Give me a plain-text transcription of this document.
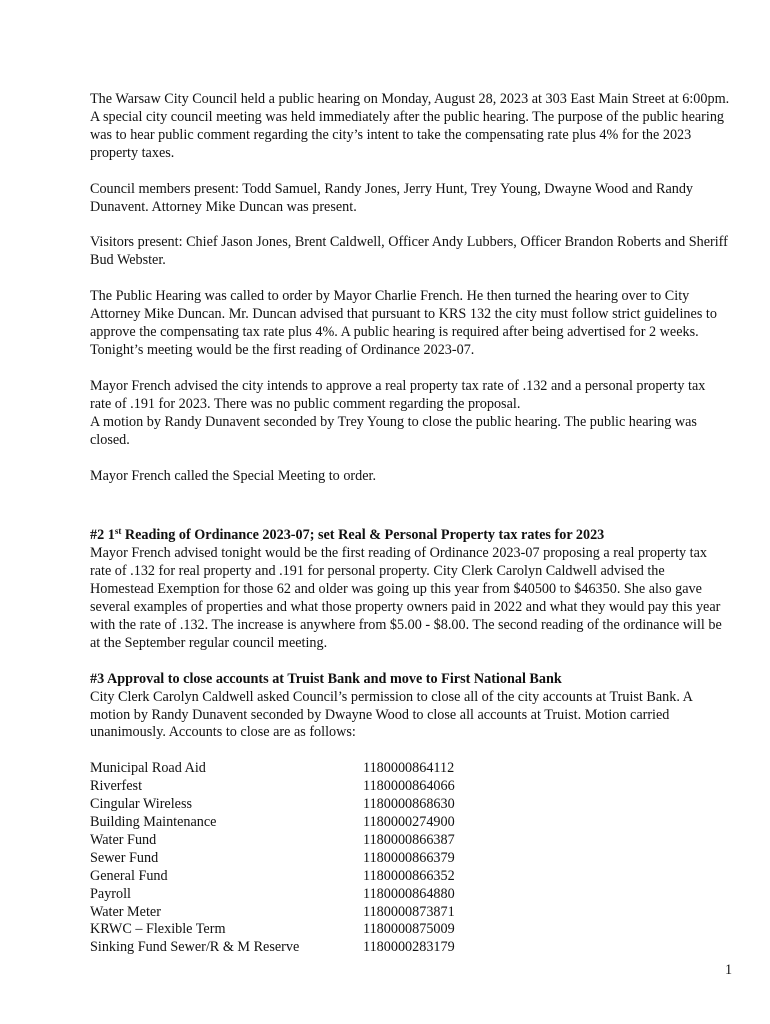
The Warsaw City Council held a public hearing on Monday, August 28, 2023 at 303 East Main Street at 6:00pm. A special city council meeting was held immediately after the public hearing. The purpose of the public hearing was to hear public comment regarding the city’s intent to take the compensating rate plus 4% for the 2023 property taxes.

Council members present: Todd Samuel, Randy Jones, Jerry Hunt, Trey Young, Dwayne Wood and Randy Dunavent. Attorney Mike Duncan was present.

Visitors present: Chief Jason Jones, Brent Caldwell, Officer Andy Lubbers, Officer Brandon Roberts and Sheriff Bud Webster.

The Public Hearing was called to order by Mayor Charlie French. He then turned the hearing over to City Attorney Mike Duncan. Mr. Duncan advised that pursuant to KRS 132 the city must follow strict guidelines to approve the compensating tax rate plus 4%. A public hearing is required after being advertised for 2 weeks. Tonight’s meeting would be the first reading of Ordinance 2023-07.

Mayor French advised the city intends to approve a real property tax rate of .132 and a personal property tax rate of .191 for 2023. There was no public comment regarding the proposal.
A motion by Randy Dunavent seconded by Trey Young to close the public hearing. The public hearing was closed.

Mayor French called the Special Meeting to order.

#2 1st Reading of Ordinance 2023-07; set Real & Personal Property tax rates for 2023

Mayor French advised tonight would be the first reading of Ordinance 2023-07 proposing a real property tax rate of .132 for real property and .191 for personal property. City Clerk Carolyn Caldwell advised the Homestead Exemption for those 62 and older was going up this year from $40500 to $46350. She also gave several examples of properties and what those property owners paid in 2022 and what they would pay this year with the rate of .132. The increase is anywhere from $5.00 - $8.00. The second reading of the ordinance will be at the September regular council meeting.

#3 Approval to close accounts at Truist Bank and move to First National Bank

City Clerk Carolyn Caldwell asked Council’s permission to close all of the city accounts at Truist Bank. A motion by Randy Dunavent seconded by Dwayne Wood to close all accounts at Truist. Motion carried unanimously. Accounts to close are as follows:

Municipal Road Aid	1180000864112
Riverfest	1180000864066
Cingular Wireless	1180000868630
Building Maintenance	1180000274900
Water Fund	1180000866387
Sewer Fund	1180000866379
General Fund	1180000866352
Payroll	1180000864880
Water Meter	1180000873871
KRWC – Flexible Term	1180000875009
Sinking Fund Sewer/R & M Reserve	1180000283179
1
